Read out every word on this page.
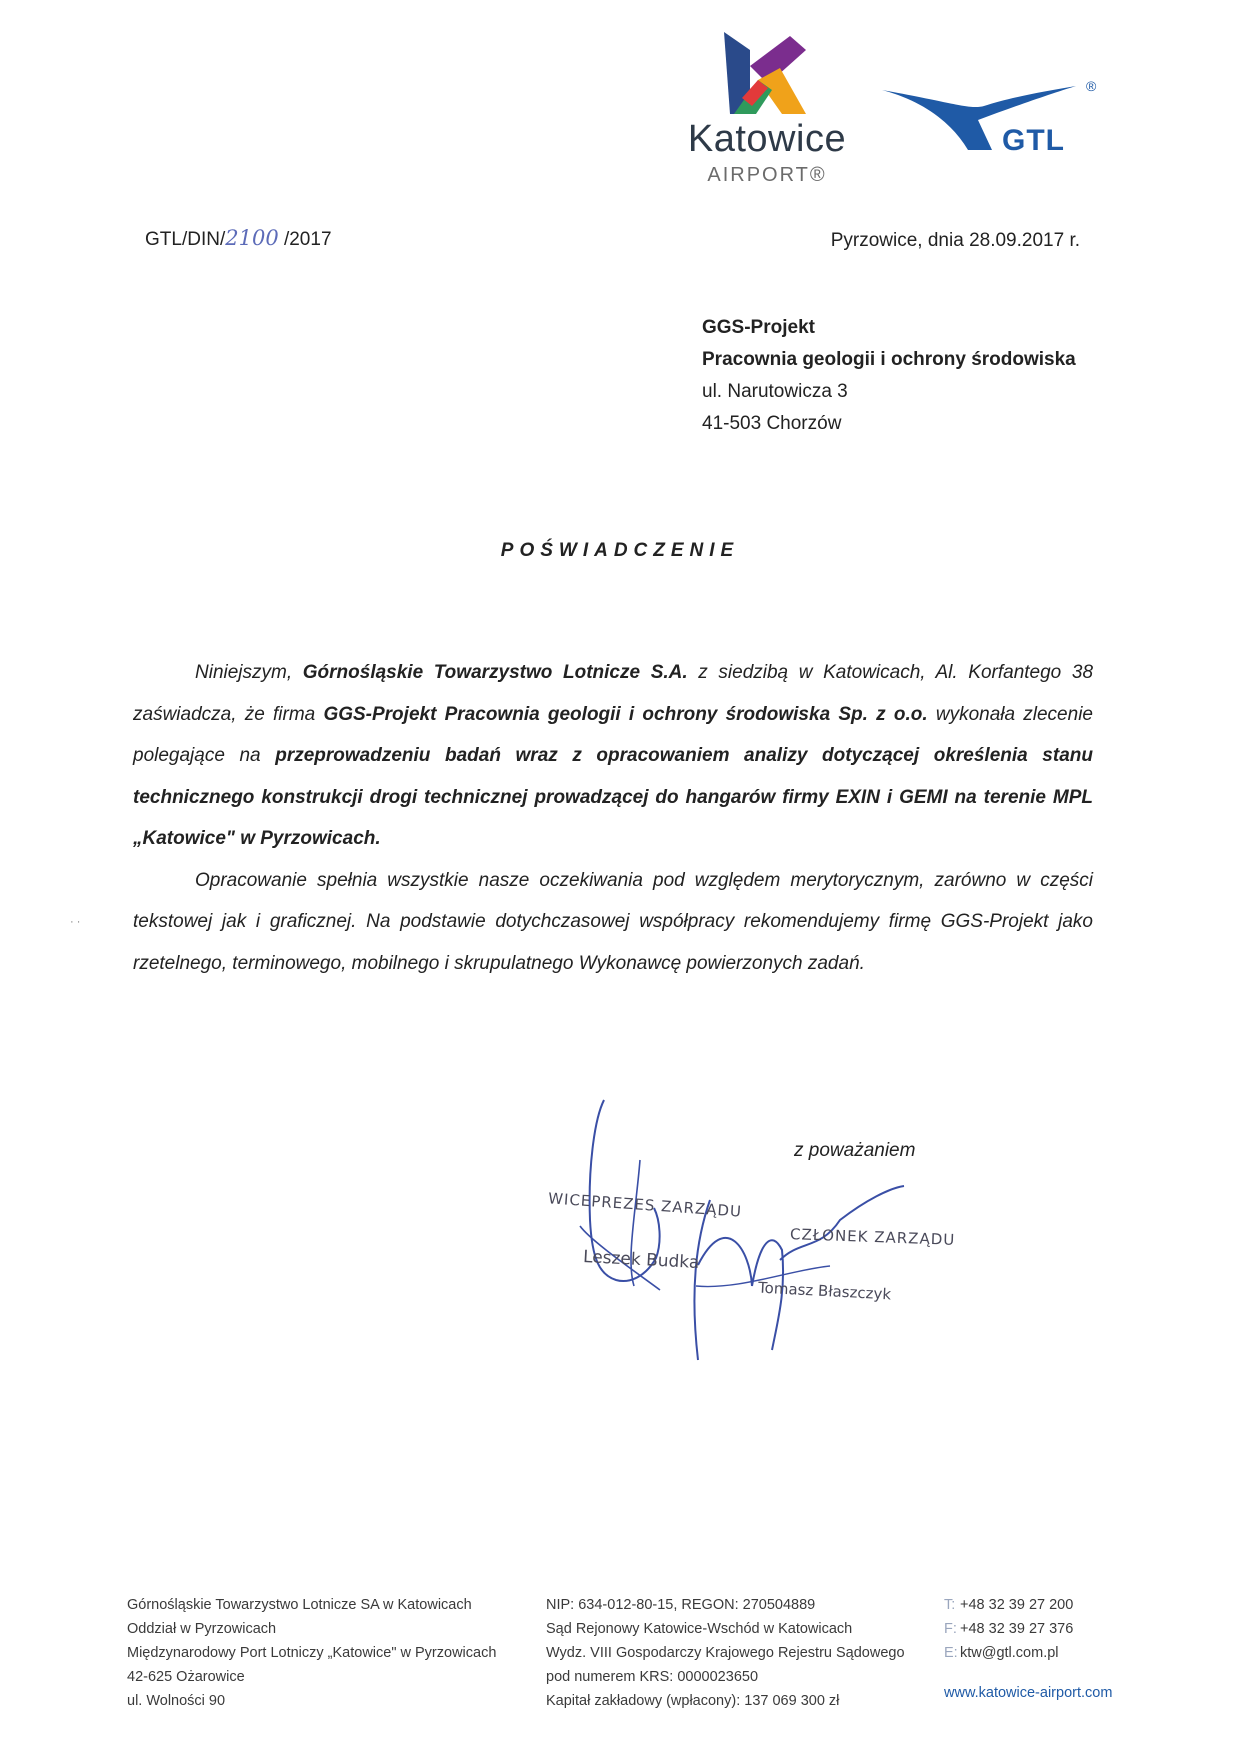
Katowice
AIRPORT®
GTL
®
GTL/DIN/2100 /2017	Pyrzowice, dnia 28.09.2017 r.
GGS-Projekt
Pracownia geologii i ochrony środowiska
ul. Narutowicza 3
41-503 Chorzów
POŚWIADCZENIE

Niniejszym, Górnośląskie Towarzystwo Lotnicze S.A. z siedzibą w Katowicach, Al. Korfantego 38 zaświadcza, że firma GGS-Projekt Pracownia geologii i ochrony środowiska Sp. z o.o. wykonała zlecenie polegające na przeprowadzeniu badań wraz z opracowaniem analizy dotyczącej określenia stanu technicznego konstrukcji drogi technicznej prowadzącej do hangarów firmy EXIN i GEMI na terenie MPL „Katowice" w Pyrzowicach.

Opracowanie spełnia wszystkie nasze oczekiwania pod względem merytorycznym, zarówno w części tekstowej jak i graficznej. Na podstawie dotychczasowej współpracy rekomendujemy firmę GGS-Projekt jako rzetelnego, terminowego, mobilnego i skrupulatnego Wykonawcę powierzonych zadań.

· ·
z poważaniem
WICEPREZES ZARZĄDU
Leszek Budka
CZŁONEK ZARZĄDU
Tomasz Błaszczyk
Górnośląskie Towarzystwo Lotnicze SA w Katowicach
Oddział w Pyrzowicach
Międzynarodowy Port Lotniczy „Katowice" w Pyrzowicach
42-625 Ożarowice
ul. Wolności 90
NIP: 634-012-80-15, REGON: 270504889
Sąd Rejonowy Katowice-Wschód w Katowicach
Wydz. VIII Gospodarczy Krajowego Rejestru Sądowego
pod numerem KRS: 0000023650
Kapitał zakładowy (wpłacony): 137 069 300 zł
T: +48 32 39 27 200
F: +48 32 39 27 376
E: ktw@gtl.com.pl
www.katowice-airport.com
